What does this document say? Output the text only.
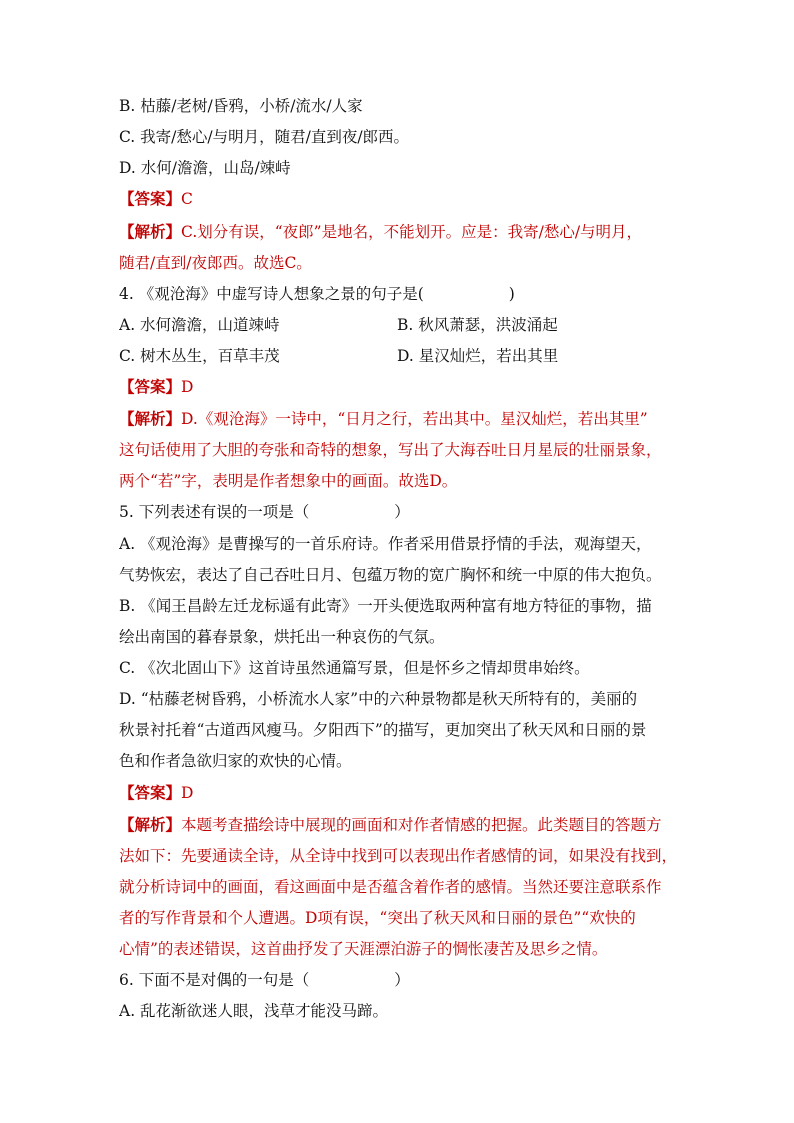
B. 枯藤/老树/昏鸦，小桥/流水/人家
C. 我寄/愁心/与明月，随君/直到夜/郎西。
D. 水何/澹澹，山岛/竦峙
【答案】C
【解析】C.划分有误，“夜郎”是地名，不能划开。应是：我寄/愁心/与明月，
随君/直到/夜郎西。故选C。
4. 《观沧海》中虚写诗人想象之景的句子是(	)
A. 水何澹澹，山道竦峙	B. 秋风萧瑟，洪波涌起
C. 树木丛生，百草丰茂	D. 星汉灿烂，若出其里
【答案】D
【解析】D.《观沧海》一诗中，“日月之行，若出其中。星汉灿烂，若出其里”
这句话使用了大胆的夸张和奇特的想象，写出了大海吞吐日月星辰的壮丽景象，
两个“若”字，表明是作者想象中的画面。故选D。
5. 下列表述有误的一项是（	）
A. 《观沧海》是曹操写的一首乐府诗。作者采用借景抒情的手法，观海望天，
气势恢宏，表达了自己吞吐日月、包蕴万物的宽广胸怀和统一中原的伟大抱负。
B. 《闻王昌龄左迁龙标遥有此寄》一开头便选取两种富有地方特征的事物，描
绘出南国的暮春景象，烘托出一种哀伤的气氛。
C. 《次北固山下》这首诗虽然通篇写景，但是怀乡之情却贯串始终。
D. “枯藤老树昏鸦，小桥流水人家”中的六种景物都是秋天所特有的，美丽的
秋景衬托着“古道西风瘦马。夕阳西下”的描写，更加突出了秋天风和日丽的景
色和作者急欲归家的欢快的心情。
【答案】D
【解析】本题考查描绘诗中展现的画面和对作者情感的把握。此类题目的答题方
法如下：先要通读全诗，从全诗中找到可以表现出作者感情的词，如果没有找到，
就分析诗词中的画面，看这画面中是否蕴含着作者的感情。当然还要注意联系作
者的写作背景和个人遭遇。D项有误，“突出了秋天风和日丽的景色”“欢快的
心情”的表述错误，这首曲抒发了天涯漂泊游子的惆怅凄苦及思乡之情。
6. 下面不是对偶的一句是（	）
A. 乱花渐欲迷人眼，浅草才能没马蹄。
